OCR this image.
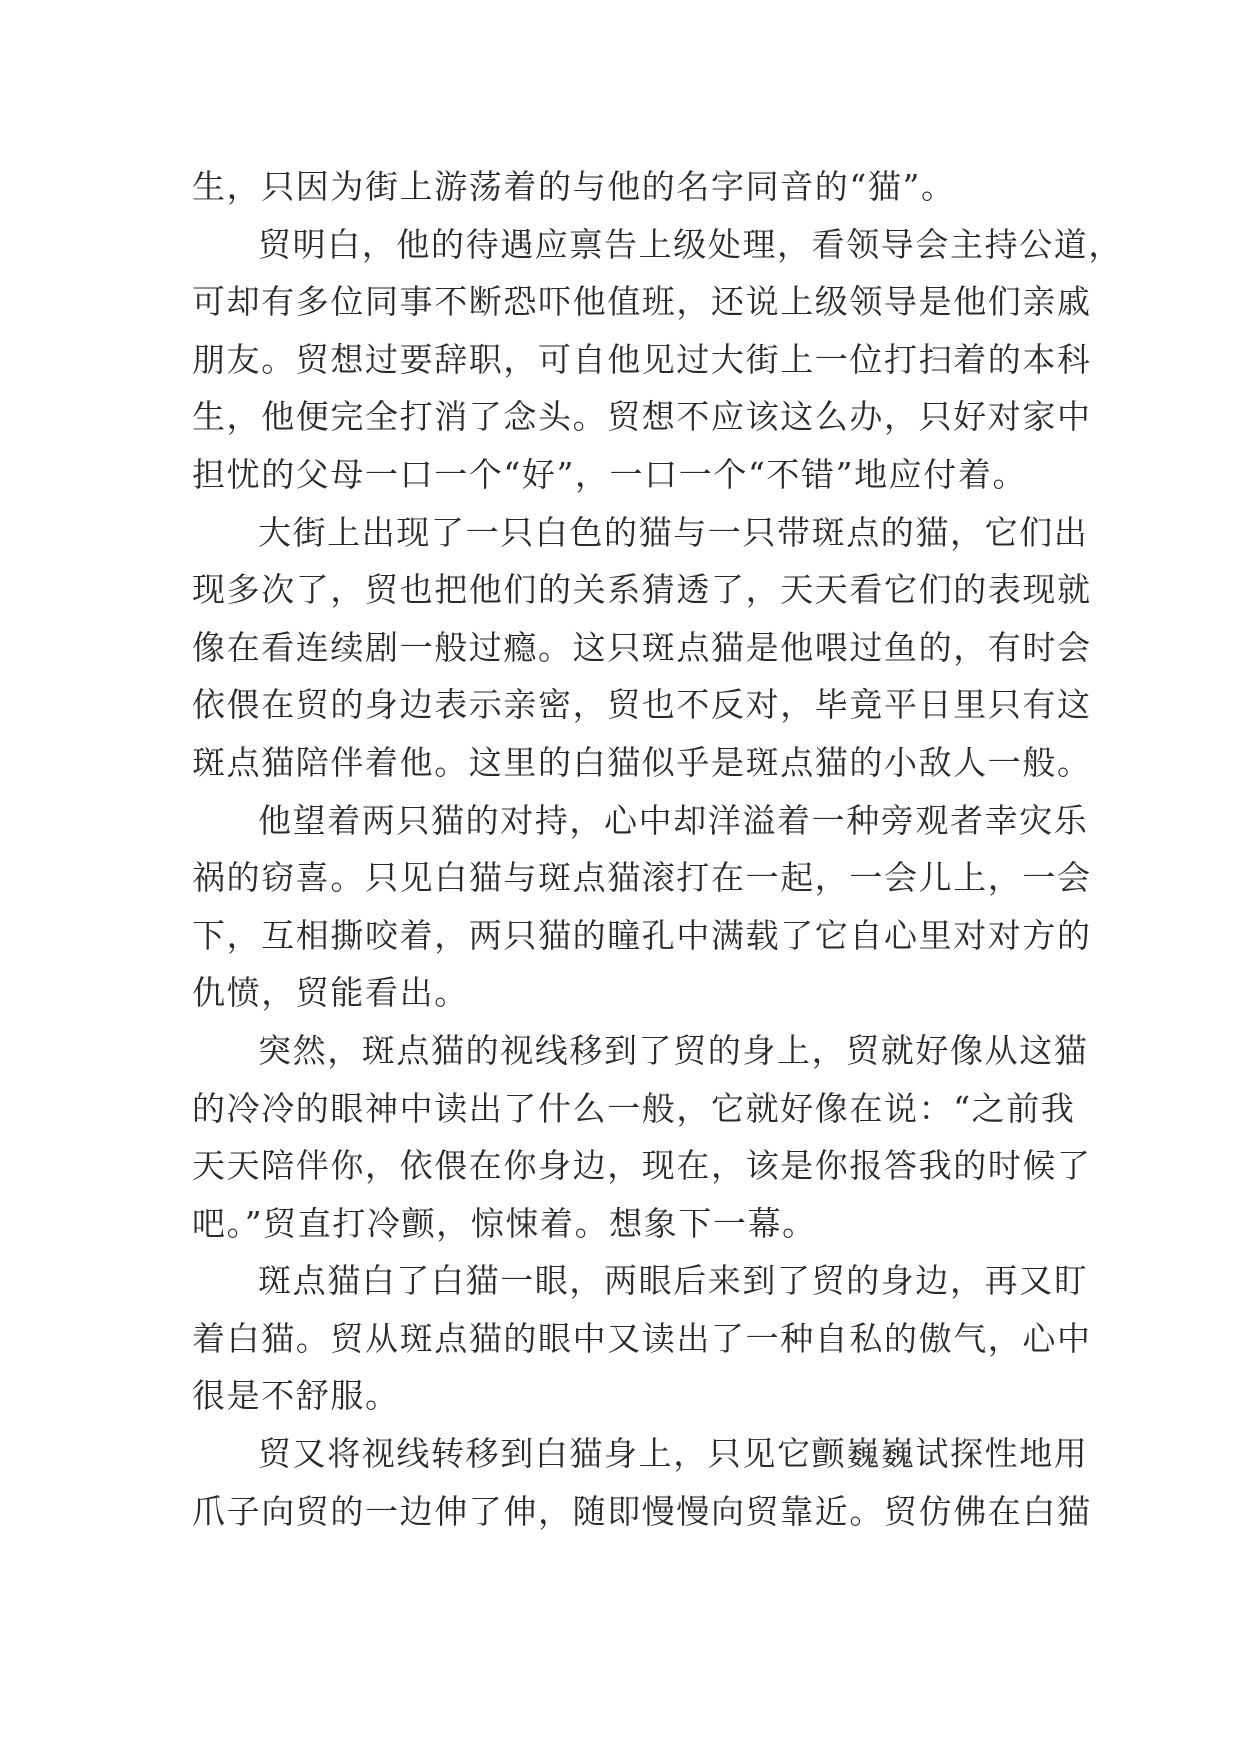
生，只因为街上游荡着的与他的名字同音的“猫”。
贸明白，他的待遇应禀告上级处理，看领导会主持公道，
可却有多位同事不断恐吓他值班，还说上级领导是他们亲戚
朋友。贸想过要辞职，可自他见过大街上一位打扫着的本科
生，他便完全打消了念头。贸想不应该这么办，只好对家中
担忧的父母一口一个“好”，一口一个“不错”地应付着。
大街上出现了一只白色的猫与一只带斑点的猫，它们出
现多次了，贸也把他们的关系猜透了，天天看它们的表现就
像在看连续剧一般过瘾。这只斑点猫是他喂过鱼的，有时会
依偎在贸的身边表示亲密，贸也不反对，毕竟平日里只有这
斑点猫陪伴着他。这里的白猫似乎是斑点猫的小敌人一般。
他望着两只猫的对持，心中却洋溢着一种旁观者幸灾乐
祸的窃喜。只见白猫与斑点猫滚打在一起，一会儿上，一会
下，互相撕咬着，两只猫的瞳孔中满载了它自心里对对方的
仇愤，贸能看出。
突然，斑点猫的视线移到了贸的身上，贸就好像从这猫
的冷冷的眼神中读出了什么一般，它就好像在说：“之前我
天天陪伴你，依偎在你身边，现在，该是你报答我的时候了
吧。”贸直打冷颤，惊悚着。想象下一幕。
斑点猫白了白猫一眼，两眼后来到了贸的身边，再又盯
着白猫。贸从斑点猫的眼中又读出了一种自私的傲气，心中
很是不舒服。
贸又将视线转移到白猫身上，只见它颤巍巍试探性地用
爪子向贸的一边伸了伸，随即慢慢向贸靠近。贸仿佛在白猫
